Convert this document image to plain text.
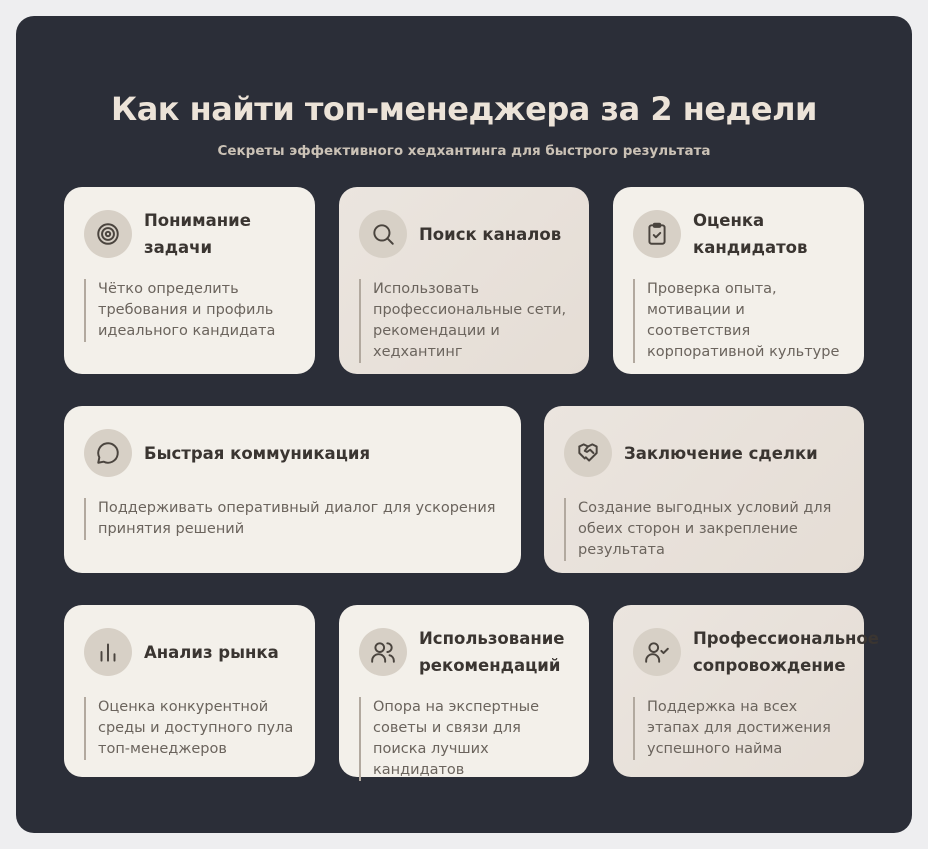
Как найти топ-менеджера за 2 недели
Секреты эффективного хедхантинга для быстрого результата
Понимание
задачи
Чётко определить требования и профиль идеального кандидата
Поиск каналов
Использовать профессиональные сети, рекомендации и хедхантинг
Оценка
кандидатов
Проверка опыта, мотивации и соответствия корпоративной культуре
Быстрая коммуникация
Поддерживать оперативный диалог для ускорения принятия решений
Заключение сделки
Создание выгодных условий для обеих сторон и закрепление результата
Анализ рынка
Оценка конкурентной среды и доступного пула топ-менеджеров
Использование
рекомендаций
Опора на экспертные советы и связи для поиска лучших кандидатов
Профессиональное
сопровождение
Поддержка на всех этапах для достижения успешного найма
